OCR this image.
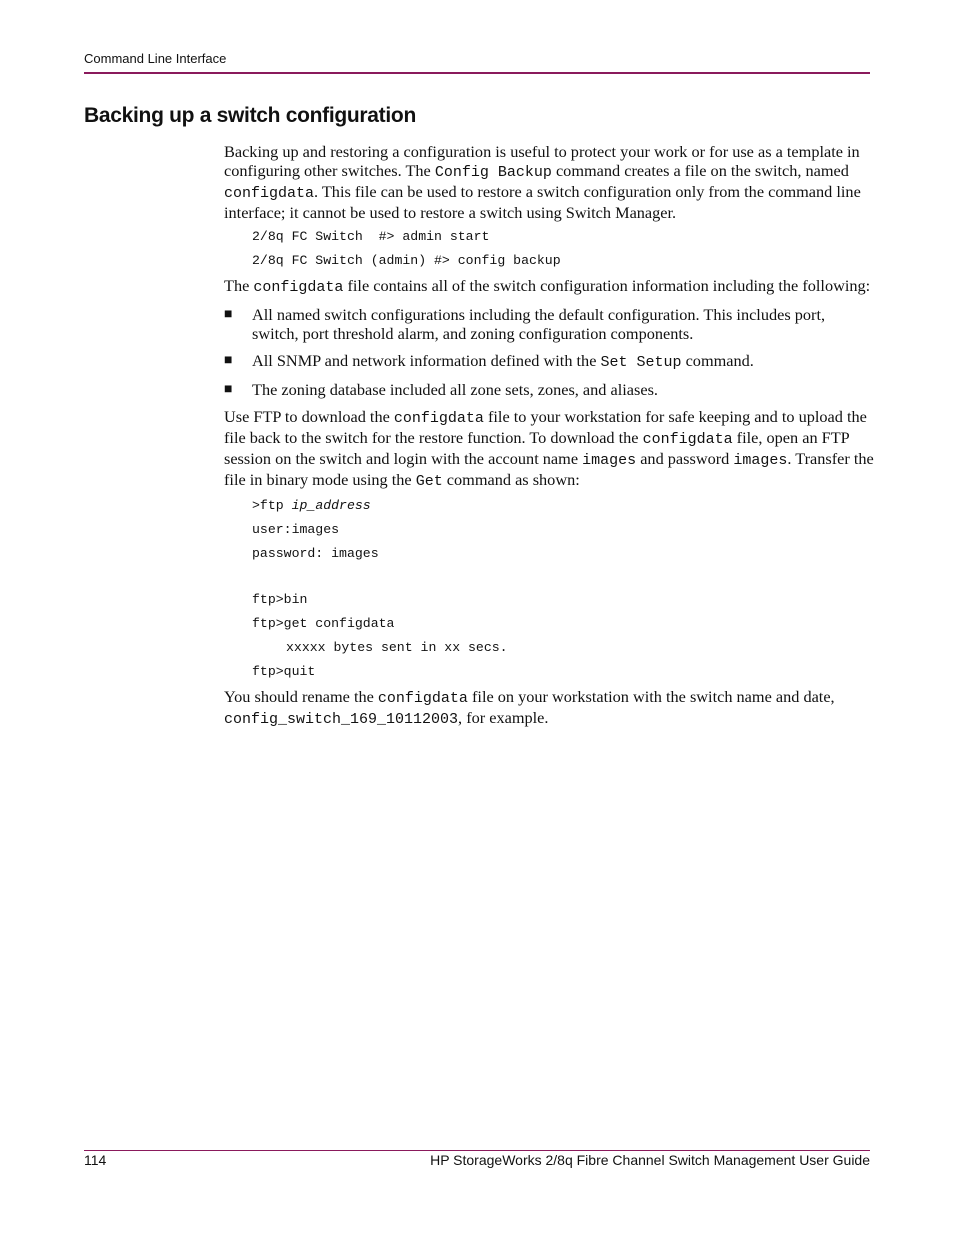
Command Line Interface
Backing up a switch configuration

Backing up and restoring a configuration is useful to protect your work or for use as a template in configuring other switches. The Config Backup command creates a file on the switch, named configdata. This file can be used to restore a switch configuration only from the command line interface; it cannot be used to restore a switch using Switch Manager.

2/8q FC Switch  #> admin start
2/8q FC Switch (admin) #> config backup

The configdata file contains all of the switch configuration information including the following:

■ All named switch configurations including the default configuration. This includes port, switch, port threshold alarm, and zoning configuration components.
■ All SNMP and network information defined with the Set Setup command.
■ The zoning database included all zone sets, zones, and aliases.

Use FTP to download the configdata file to your workstation for safe keeping and to upload the file back to the switch for the restore function. To download the configdata file, open an FTP session on the switch and login with the account name images and password images. Transfer the file in binary mode using the Get command as shown:

>ftp ip_address
user:images
password: images
ftp>bin
ftp>get configdata
xxxxx bytes sent in xx secs.
ftp>quit

You should rename the configdata file on your workstation with the switch name and date, config_switch_169_10112003, for example.

114	HP StorageWorks 2/8q Fibre Channel Switch Management User Guide
